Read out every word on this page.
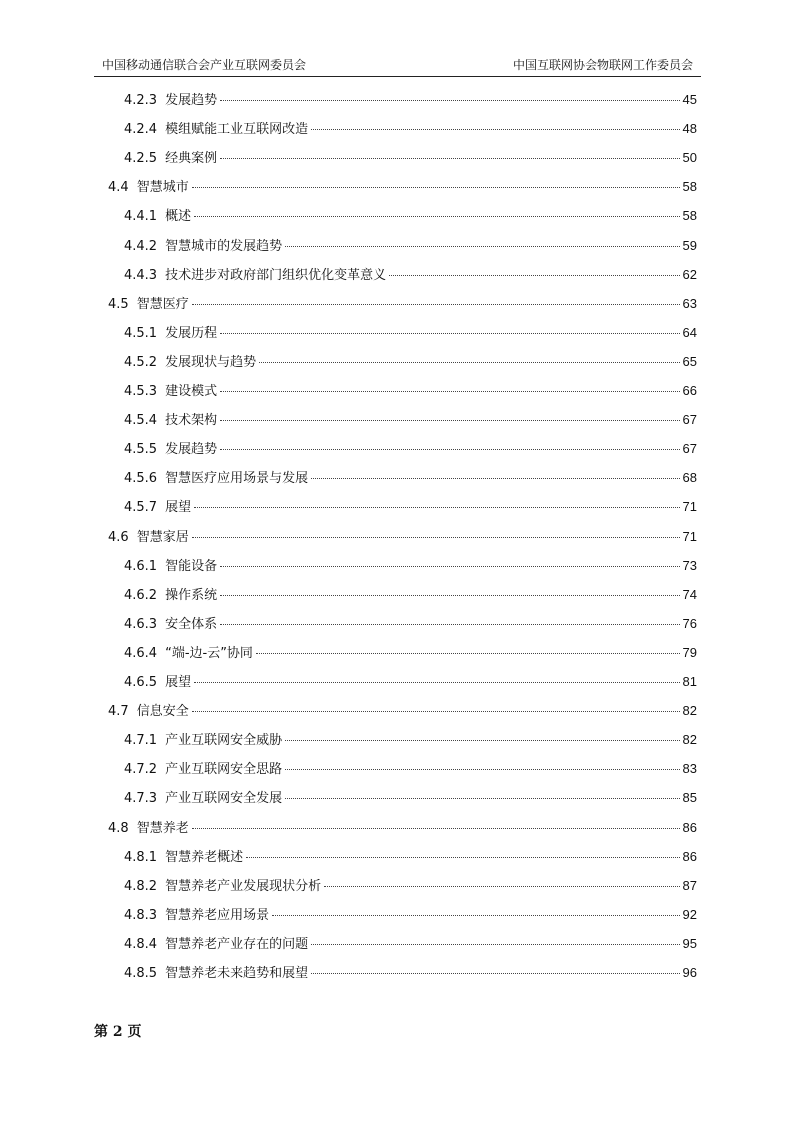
中国移动通信联合会产业互联网委员会	中国互联网协会物联网工作委员会
4.2.3 发展趋势	45
4.2.4 模组赋能工业互联网改造	48
4.2.5 经典案例	50
4.4 智慧城市	58
4.4.1 概述	58
4.4.2 智慧城市的发展趋势	59
4.4.3 技术进步对政府部门组织优化变革意义	62
4.5 智慧医疗	63
4.5.1 发展历程	64
4.5.2 发展现状与趋势	65
4.5.3 建设模式	66
4.5.4 技术架构	67
4.5.5 发展趋势	67
4.5.6 智慧医疗应用场景与发展	68
4.5.7 展望	71
4.6 智慧家居	71
4.6.1 智能设备	73
4.6.2 操作系统	74
4.6.3 安全体系	76
4.6.4 “端-边-云”协同	79
4.6.5 展望	81
4.7 信息安全	82
4.7.1 产业互联网安全威胁	82
4.7.2 产业互联网安全思路	83
4.7.3 产业互联网安全发展	85
4.8 智慧养老	86
4.8.1 智慧养老概述	86
4.8.2 智慧养老产业发展现状分析	87
4.8.3 智慧养老应用场景	92
4.8.4 智慧养老产业存在的问题	95
4.8.5 智慧养老未来趋势和展望	96
第 2 页
